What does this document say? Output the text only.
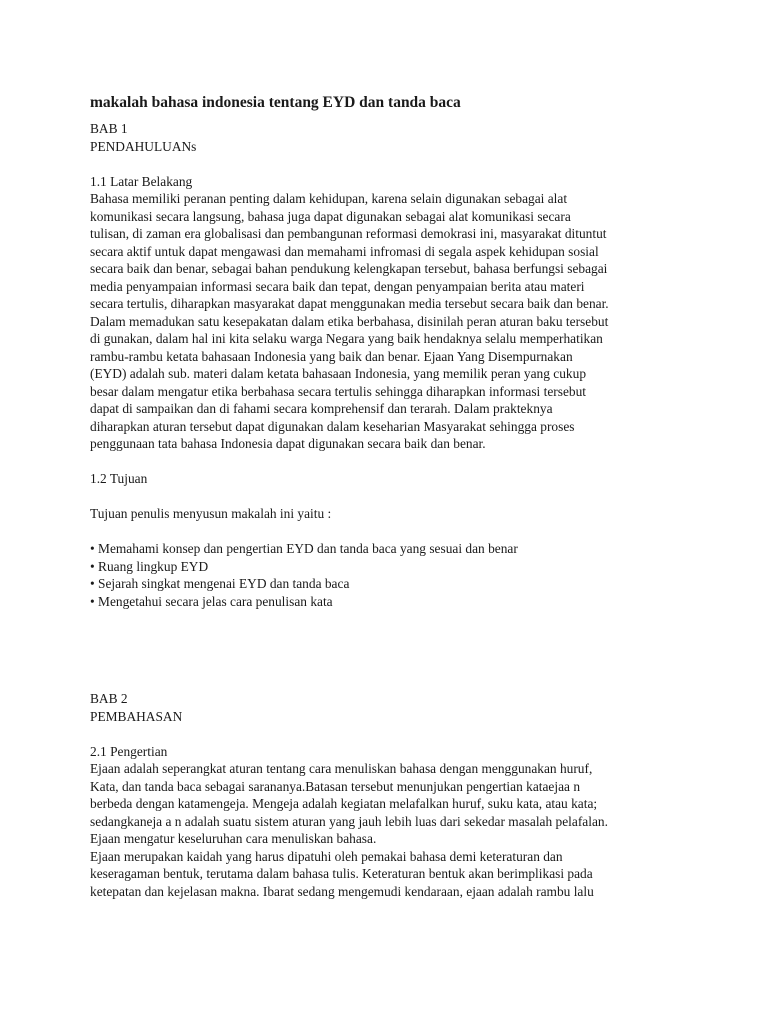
makalah bahasa indonesia tentang EYD dan tanda baca
BAB 1
PENDAHULUANs
1.1 Latar Belakang
Bahasa memiliki peranan penting dalam kehidupan, karena selain digunakan sebagai alat
komunikasi secara langsung, bahasa juga dapat digunakan sebagai alat komunikasi secara
tulisan, di zaman era globalisasi dan pembangunan reformasi demokrasi ini, masyarakat dituntut
secara aktif untuk dapat mengawasi dan memahami infromasi di segala aspek kehidupan sosial
secara baik dan benar, sebagai bahan pendukung kelengkapan tersebut, bahasa berfungsi sebagai
media penyampaian informasi secara baik dan tepat, dengan penyampaian berita atau materi
secara tertulis, diharapkan masyarakat dapat menggunakan media tersebut secara baik dan benar.
Dalam memadukan satu kesepakatan dalam etika berbahasa, disinilah peran aturan baku tersebut
di gunakan, dalam hal ini kita selaku warga Negara yang baik hendaknya selalu memperhatikan
rambu-rambu ketata bahasaan Indonesia yang baik dan benar. Ejaan Yang Disempurnakan
(EYD) adalah sub. materi dalam ketata bahasaan Indonesia, yang memilik peran yang cukup
besar dalam mengatur etika berbahasa secara tertulis sehingga diharapkan informasi tersebut
dapat di sampaikan dan di fahami secara komprehensif dan terarah. Dalam prakteknya
diharapkan aturan tersebut dapat digunakan dalam keseharian Masyarakat sehingga proses
penggunaan tata bahasa Indonesia dapat digunakan secara baik dan benar.
1.2 Tujuan
Tujuan penulis menyusun makalah ini yaitu :
• Memahami konsep dan pengertian EYD dan tanda baca yang sesuai dan benar
• Ruang lingkup EYD
• Sejarah singkat mengenai EYD dan tanda baca
• Mengetahui secara jelas cara penulisan kata
BAB 2
PEMBAHASAN
2.1 Pengertian
Ejaan adalah seperangkat aturan tentang cara menuliskan bahasa dengan menggunakan huruf,
Kata, dan tanda baca sebagai sarananya.Batasan tersebut menunjukan pengertian kataejaa n
berbeda dengan katamengeja. Mengeja adalah kegiatan melafalkan huruf, suku kata, atau kata;
sedangkaneja a n adalah suatu sistem aturan yang jauh lebih luas dari sekedar masalah pelafalan.
Ejaan mengatur keseluruhan cara menuliskan bahasa.
Ejaan merupakan kaidah yang harus dipatuhi oleh pemakai bahasa demi keteraturan dan
keseragaman bentuk, terutama dalam bahasa tulis. Keteraturan bentuk akan berimplikasi pada
ketepatan dan kejelasan makna. Ibarat sedang mengemudi kendaraan, ejaan adalah rambu lalu
